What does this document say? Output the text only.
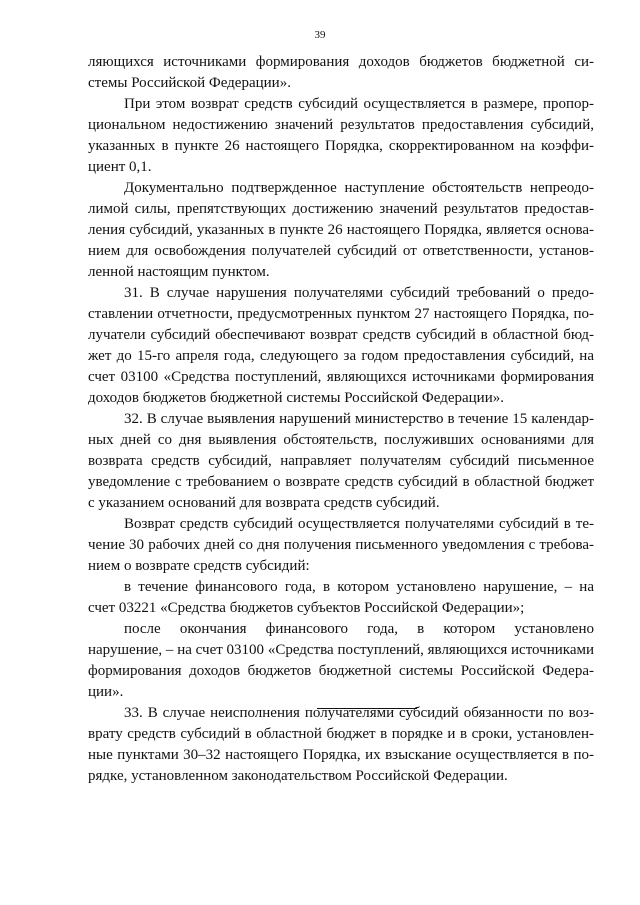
39
ляющихся источниками формирования доходов бюджетов бюджетной си-
стемы Российской Федерации».
При этом возврат средств субсидий осуществляется в размере, пропор-
циональном недостижению значений результатов предоставления субсидий,
указанных в пункте 26 настоящего Порядка, скорректированном на коэффи-
циент 0,1.
Документально подтвержденное наступление обстоятельств непреодо-
лимой силы, препятствующих достижению значений результатов предостав-
ления субсидий, указанных в пункте 26 настоящего Порядка, является основа-
нием для освобождения получателей субсидий от ответственности, установ-
ленной настоящим пунктом.
31. В случае нарушения получателями субсидий требований о предо-
ставлении отчетности, предусмотренных пунктом 27 настоящего Порядка, по-
лучатели субсидий обеспечивают возврат средств субсидий в областной бюд-
жет до 15-го апреля года, следующего за годом предоставления субсидий, на
счет 03100 «Средства поступлений, являющихся источниками формирования
доходов бюджетов бюджетной системы Российской Федерации».
32. В случае выявления нарушений министерство в течение 15 календар-
ных дней со дня выявления обстоятельств, послуживших основаниями для
возврата средств субсидий, направляет получателям субсидий письменное
уведомление с требованием о возврате средств субсидий в областной бюджет
с указанием оснований для возврата средств субсидий.
Возврат средств субсидий осуществляется получателями субсидий в те-
чение 30 рабочих дней со дня получения письменного уведомления с требова-
нием о возврате средств субсидий:
в течение финансового года, в котором установлено нарушение, – на
счет 03221 «Средства бюджетов субъектов Российской Федерации»;
после окончания финансового года, в котором установлено
нарушение, – на счет 03100 «Средства поступлений, являющихся источниками
формирования доходов бюджетов бюджетной системы Российской Федера-
ции».
33. В случае неисполнения получателями субсидий обязанности по воз-
врату средств субсидий в областной бюджет в порядке и в сроки, установлен-
ные пунктами 30–32 настоящего Порядка, их взыскание осуществляется в по-
рядке, установленном законодательством Российской Федерации.
